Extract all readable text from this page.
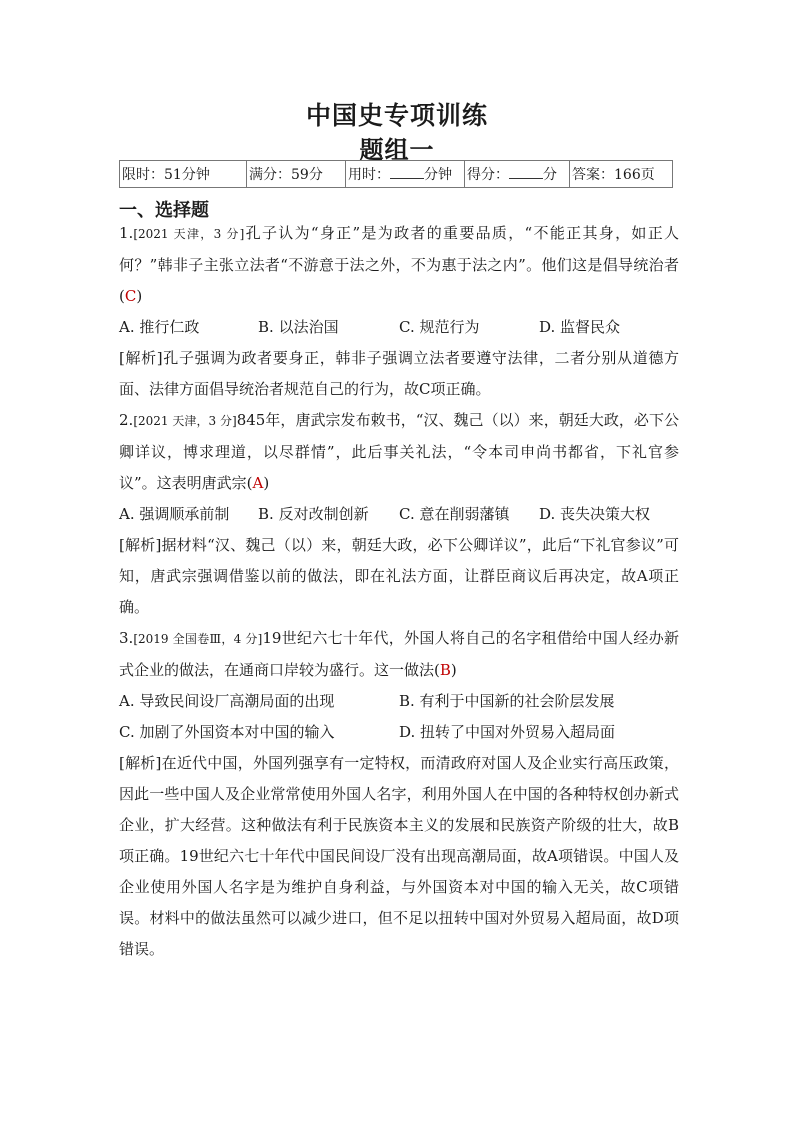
中国史专项训练
题组一
限时：51分钟	满分：59分	用时： 分钟	得分： 分	答案：166页
一、选择题

1.[2021 天津，3 分]孔子认为“身正”是为政者的重要品质，“不能正其身，如正人何？”韩非子主张立法者“不游意于法之外，不为惠于法之内”。他们这是倡导统治者(C)

A. 推行仁政	B. 以法治国	C. 规范行为	D. 监督民众

[解析]孔子强调为政者要身正，韩非子强调立法者要遵守法律，二者分别从道德方面、法律方面倡导统治者规范自己的行为，故C项正确。

2.[2021 天津，3 分]845年，唐武宗发布敕书，“汉、魏己（以）来，朝廷大政，必下公卿详议，博求理道，以尽群情”，此后事关礼法，“令本司申尚书都省，下礼官参议”。这表明唐武宗(A)

A. 强调顺承前制	B. 反对改制创新	C. 意在削弱藩镇	D. 丧失决策大权

[解析]据材料“汉、魏己（以）来，朝廷大政，必下公卿详议”，此后“下礼官参议”可知，唐武宗强调借鉴以前的做法，即在礼法方面，让群臣商议后再决定，故A项正确。

3.[2019 全国卷Ⅲ，4 分]19世纪六七十年代，外国人将自己的名字租借给中国人经办新式企业的做法，在通商口岸较为盛行。这一做法(B)

A. 导致民间设厂高潮局面的出现	B. 有利于中国新的社会阶层发展
C. 加剧了外国资本对中国的输入	D. 扭转了中国对外贸易入超局面

[解析]在近代中国，外国列强享有一定特权，而清政府对国人及企业实行高压政策，因此一些中国人及企业常常使用外国人名字，利用外国人在中国的各种特权创办新式企业，扩大经营。这种做法有利于民族资本主义的发展和民族资产阶级的壮大，故B项正确。19世纪六七十年代中国民间设厂没有出现高潮局面，故A项错误。中国人及企业使用外国人名字是为维护自身利益，与外国资本对中国的输入无关，故C项错误。材料中的做法虽然可以减少进口，但不足以扭转中国对外贸易入超局面，故D项错误。
